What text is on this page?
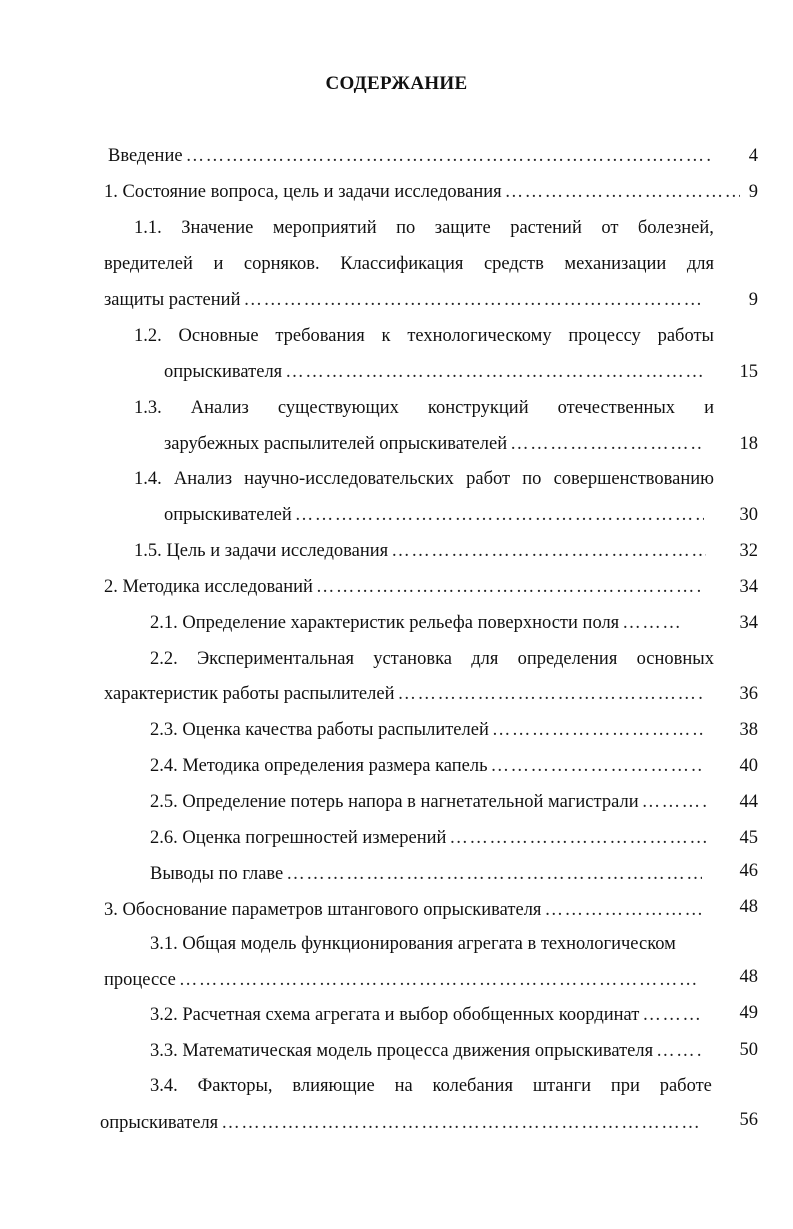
СОДЕРЖАНИЕ
Введение ……………………………………………………………………………………………………………………………	4
1. Состояние вопроса, цель и задачи исследования ……………………………………………………………………………………………………………………………	9
1.1. Значение мероприятий по защите растений от болезней,
вредителей и сорняков. Классификация средств механизации для
защиты растений ……………………………………………………………………………………………………………………………	9
1.2. Основные требования к технологическому процессу работы
опрыскивателя ……………………………………………………………………………………………………………………………	15
1.3. Анализ существующих конструкций отечественных и
зарубежных распылителей опрыскивателей ……………………………………………………………………………………………………………………………	18
1.4. Анализ научно-исследовательских работ по совершенствованию
опрыскивателей ……………………………………………………………………………………………………………………………	30
1.5. Цель и задачи исследования ……………………………………………………………………………………………………………………………	32
2. Методика исследований ……………………………………………………………………………………………………………………………	34
2.1. Определение характеристик рельефа поверхности поля ……………………………………………………………………………………………………………………………	34
2.2. Экспериментальная установка для определения основных
характеристик работы распылителей ……………………………………………………………………………………………………………………………	36
2.3. Оценка качества работы распылителей ……………………………………………………………………………………………………………………………	38
2.4. Методика определения размера капель ……………………………………………………………………………………………………………………………	40
2.5. Определение потерь напора в нагнетательной магистрали ……………………………………………………………………………………………………………………………	44
2.6. Оценка погрешностей измерений ……………………………………………………………………………………………………………………………	45
Выводы по главе ……………………………………………………………………………………………………………………………	46
3. Обоснование параметров штангового опрыскивателя ……………………………………………………………………………………………………………………………	48
3.1. Общая модель функционирования агрегата в технологическом
процессе ……………………………………………………………………………………………………………………………	48
3.2. Расчетная схема агрегата и выбор обобщенных координат ……………………………………………………………………………………………………………………………	49
3.3. Математическая модель процесса движения опрыскивателя ……………………………………………………………………………………………………………………………	50
3.4. Факторы, влияющие на колебания штанги при работе
опрыскивателя ……………………………………………………………………………………………………………………………	56
